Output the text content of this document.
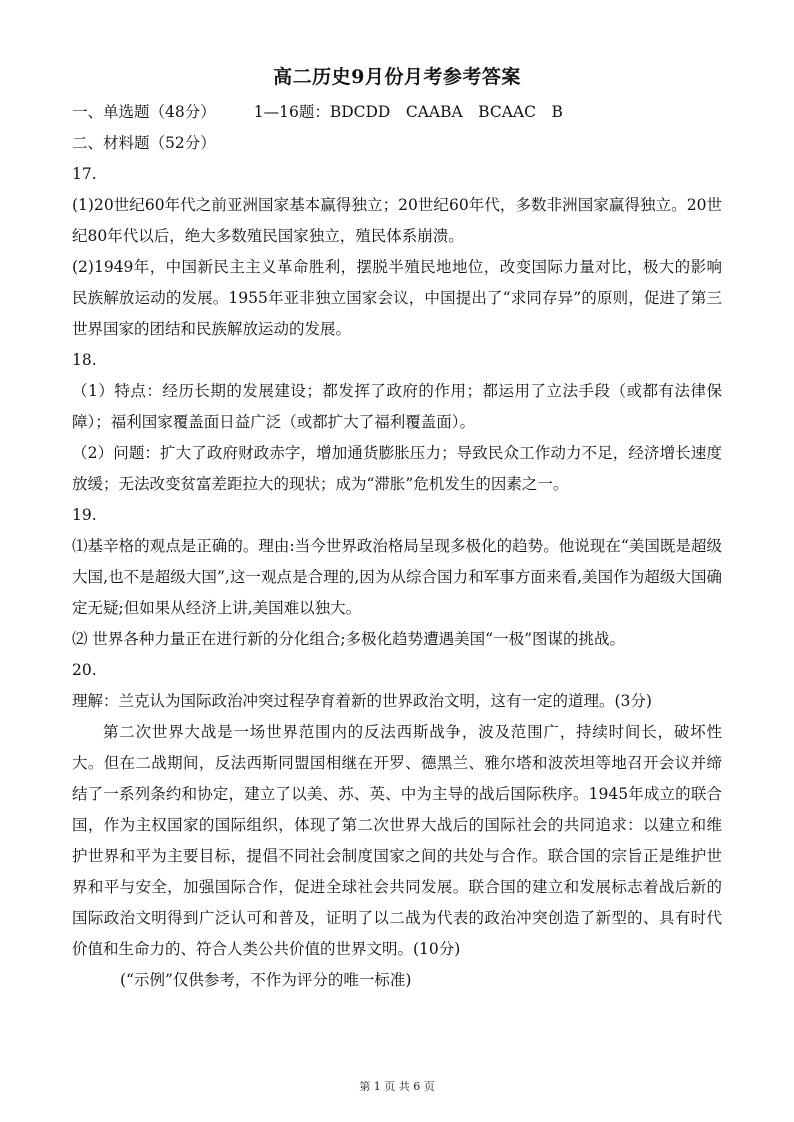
高二历史9月份月考参考答案

一、单选题（48分） 1—16题：BDCDD　CAABA　BCAAC　B

二、材料题（52分）

17.

(1)20世纪60年代之前亚洲国家基本赢得独立；20世纪60年代，多数非洲国家赢得独立。20世纪80年代以后，绝大多数殖民国家独立，殖民体系崩溃。

(2)1949年，中国新民主主义革命胜利，摆脱半殖民地地位，改变国际力量对比，极大的影响民族解放运动的发展。1955年亚非独立国家会议，中国提出了“求同存异”的原则，促进了第三世界国家的团结和民族解放运动的发展。

18.

（1）特点：经历长期的发展建设；都发挥了政府的作用；都运用了立法手段（或都有法律保障）；福利国家覆盖面日益广泛（或都扩大了福利覆盖面）。

（2）问题：扩大了政府财政赤字，增加通货膨胀压力；导致民众工作动力不足，经济增长速度放缓；无法改变贫富差距拉大的现状；成为“滞胀”危机发生的因素之一。

19.

⑴基辛格的观点是正确的。理由:当今世界政治格局呈现多极化的趋势。他说现在“美国既是超级大国,也不是超级大国”,这一观点是合理的,因为从综合国力和军事方面来看,美国作为超级大国确定无疑;但如果从经济上讲,美国难以独大。

⑵ 世界各种力量正在进行新的分化组合;多极化趋势遭遇美国“一极”图谋的挑战。

20.

理解：兰克认为国际政治冲突过程孕育着新的世界政治文明，这有一定的道理。(3分)

第二次世界大战是一场世界范围内的反法西斯战争，波及范围广，持续时间长，破坏性大。但在二战期间，反法西斯同盟国相继在开罗、德黑兰、雅尔塔和波茨坦等地召开会议并缔结了一系列条约和协定，建立了以美、苏、英、中为主导的战后国际秩序。1945年成立的联合国，作为主权国家的国际组织，体现了第二次世界大战后的国际社会的共同追求：以建立和维护世界和平为主要目标，提倡不同社会制度国家之间的共处与合作。联合国的宗旨正是维护世界和平与安全，加强国际合作，促进全球社会共同发展。联合国的建立和发展标志着战后新的国际政治文明得到广泛认可和普及，证明了以二战为代表的政治冲突创造了新型的、具有时代价值和生命力的、符合人类公共价值的世界文明。(10分)

(“示例”仅供参考，不作为评分的唯一标准)

第 1 页 共 6 页
